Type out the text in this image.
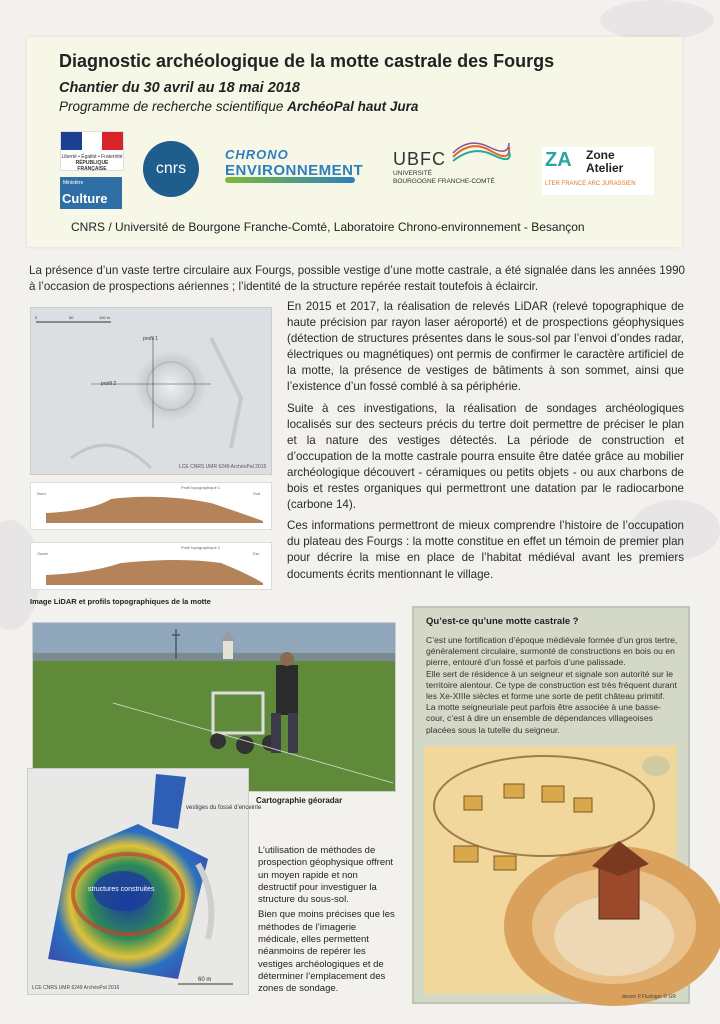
Diagnostic archéologique de la motte castrale des Fourgs
Chantier du 30 avril au 18 mai 2018
Programme de recherche scientifique ArchéoPal haut Jura
Liberté • Égalité • Fraternité
RÉPUBLIQUE FRANÇAISE
Ministère
Culture
cnrs
CHRONO
ENVIRONNEMENT
UBFC
UNIVERSITÉ
BOURGOGNE FRANCHE-COMTÉ
ZA Zone
Atelier
LTER FRANCE ARC JURASSIEN
CNRS / Université de Bourgone Franche-Comté, Laboratoire Chrono-environnement - Besançon
La présence d’un vaste tertre circulaire aux Fourgs, possible vestige d’une motte castrale, a été signalée dans les années 1990 à l’occasion de prospections aériennes ; l’identité de la structure repérée restait toutefois à éclaircir.

En 2015 et 2017, la réalisation de relevés LiDAR (relevé topographique de haute précision par rayon laser aéroporté) et de prospections géophysiques (détection de structures présentes dans le sous-sol par l’envoi d’ondes radar, électriques ou magnétiques) ont permis de confirmer le caractère artificiel de la motte, la présence de vestiges de bâtiments à son sommet, ainsi que l’existence d’un fossé comblé à sa périphérie.

Suite à ces investigations, la réalisation de sondages archéologiques localisés sur des secteurs précis du tertre doit permettre de préciser le plan et la nature des vestiges détectés. La période de construction et d’occupation de la motte castrale pourra ensuite être datée grâce au mobilier archéologique découvert - céramiques ou petits objets - ou aux charbons de bois et restes organiques qui permettront une datation par le radiocarbone (carbone 14).

Ces informations permettront de mieux comprendre l’histoire de l’occupation du plateau des Fourgs : la motte constitue en effet un témoin de premier plan pour décrire la mise en place de l’habitat médiéval avant les premiers documents écrits mentionnant le village.

profil 2
profil 1
0	50	100 m
LCE CNRS UMR 6249 ArchéoPal 2015
Nord	Sud
Profil topographique 1
Ouest	Est
Profil topographique 2
Image LiDAR et profils topographiques de la motte
structures construites
vestiges du fossé d’enceinte
60 m
LCE CNRS UMR 6249 ArchéoPal 2016
Cartographie géoradar

L’utilisation de méthodes de prospection géophysique offrent un moyen rapide et non destructif pour investiguer la structure du sous-sol.

Bien que moins précises que les méthodes de l’imagerie médicale, elles permettent néanmoins de repérer les vestiges archéologiques et de déterminer l’emplacement des zones de sondage.

Qu’est-ce qu’une motte castrale ?

C’est une fortification d’époque médiévale formée d’un gros tertre, généralement circulaire, surmonté de constructions en bois ou en pierre, entouré d’un fossé et parfois d’une palissade.

Elle sert de résidence à un seigneur et signale son autorité sur le territoire alentour. Ce type de construction est très fréquent durant les Xe-XIIIe siècles et forme une sorte de petit château primitif.

La motte seigneuriale peut parfois être associée à une basse-cour, c’est à dire un ensemble de dépendances villageoises placées sous la tutelle du seigneur.

dessin P.Fluckiger © GR
